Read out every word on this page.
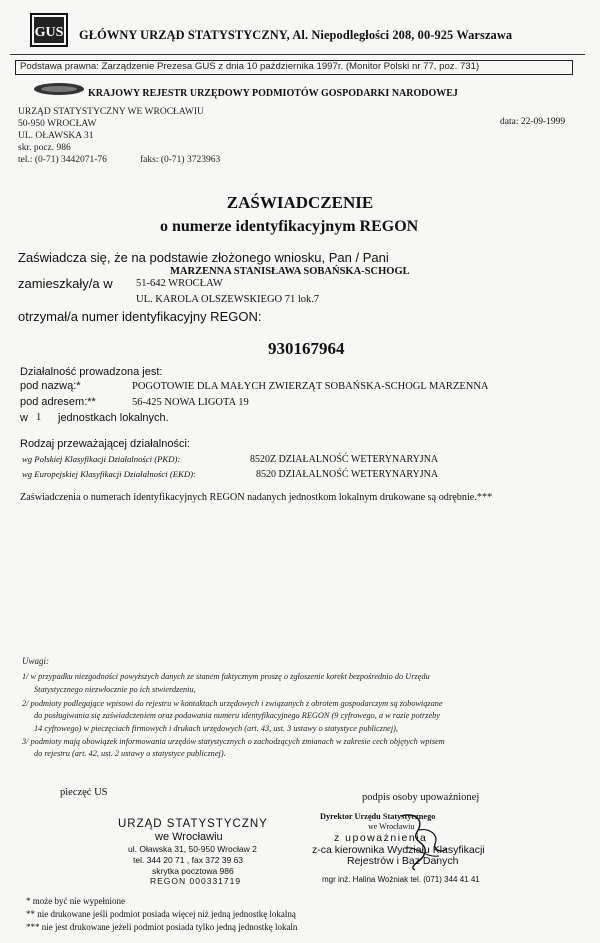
GUS GŁÓWNY URZĄD STATYSTYCZNY, Al. Niepodległości 208, 00-925 Warszawa
Podstawa prawna: Zarządzenie Prezesa GUS z dnia 10 października 1997r. (Monitor Polski nr 77, poz. 731)
KRAJOWY REJESTR URZĘDOWY PODMIOTÓW GOSPODARKI NARODOWEJ
URZĄD STATYSTYCZNY WE WROCŁAWIU
50-950 WROCŁAW
UL. OŁAWSKA 31
skr. pocz. 986
tel.: (0-71) 3442071-76	faks: (0-71) 3723963
data: 22-09-1999
ZAŚWIADCZENIE
o numerze identyfikacyjnym REGON
Zaświadcza się, że na podstawie złożonego wniosku, Pan / Pani
MARZENNA STANISŁAWA SOBAŃSKA-SCHOGL
zamieszkały/a w 51-642 WROCŁAW
UL. KAROLA OLSZEWSKIEGO 71 lok.7
otrzymał/a numer identyfikacyjny REGON:
930167964
Działalność prowadzona jest:
pod nazwą:*	POGOTOWIE DLA MAŁYCH ZWIERZĄT SOBAŃSKA-SCHOGL MARZENNA
pod adresem:**	56-425 NOWA LIGOTA 19
w 1 jednostkach lokalnych.
Rodzaj przeważającej działalności:
wg Polskiej Klasyfikacji Działalności (PKD):	8520Z DZIAŁALNOŚĆ WETERYNARYJNA
wg Europejskiej Klasyfikacji Działalności (EKD):	8520 DZIAŁALNOŚĆ WETERYNARYJNA
Zaświadczenia o numerach identyfikacyjnych REGON nadanych jednostkom lokalnym drukowane są odrębnie.***
Uwagi:
1/ w przypadku niezgodności powyższych danych ze stanem faktycznym proszę o zgłoszenie korekt bezpośrednio do Urzędu
Statystycznego niezwłocznie po ich stwierdzeniu,
2/ podmioty podlegające wpisowi do rejestru w kontaktach urzędowych i związanych z obrotem gospodarczym są zobowiązane
do posługiwania się zaświadczeniem oraz podawania numeru identyfikacyjnego REGON (9 cyfrowego, a w razie potrzeby
14 cyfrowego) w pieczęciach firmowych i drukach urzędowych (art. 43, ust. 3 ustawy o statystyce publicznej),
3/ podmioty mają obowiązek informowania urzędów statystycznych o zachodzących zmianach w zakresie cech objętych wpisem
do rejestru (art. 42, ust. 2 ustawy o statystyce publicznej).
pieczęć US	podpis osoby upoważnionej
URZĄD STATYSTYCZNY
we Wrocławiu
ul. Oławska 31, 50-950 Wrocław 2
tel. 344 20 71 , fax 372 39 63
skrytka pocztowa 986
REGON 000331719
Dyrektor Urzędu Statystycznego
we Wrocławiu
z upoważnienia
z-ca kierownika Wydziału Klasyfikacji
Rejestrów i Baz Danych
mgr inż. Halina Woźniak tel. (071) 344 41 41
* może być nie wypełnione
** nie drukowane jeśli podmiot posiada więcej niż jedną jednostkę lokalną
*** nie jest drukowane jeżeli podmiot posiada tylko jedną jednostkę lokaln
